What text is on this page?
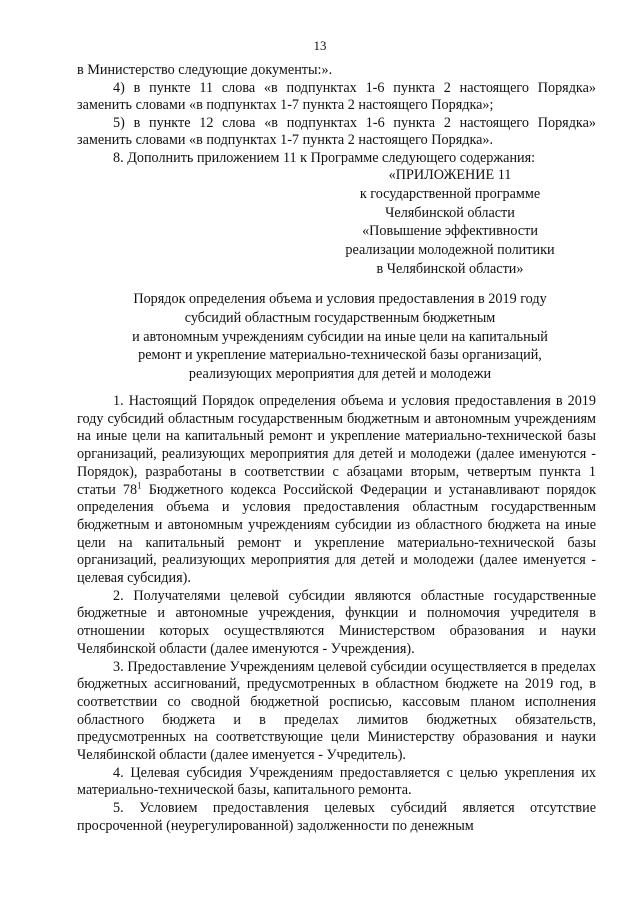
13

в Министерство следующие документы:».

4) в пункте 11 слова «в подпунктах 1-6 пункта 2 настоящего Порядка» заменить словами «в подпунктах 1-7 пункта 2 настоящего Порядка»;

5) в пункте 12 слова «в подпунктах 1-6 пункта 2 настоящего Порядка» заменить словами «в подпунктах 1-7 пункта 2 настоящего Порядка».

8. Дополнить приложением 11 к Программе следующего содержания:

«ПРИЛОЖЕНИЕ 11
к государственной программе
Челябинской области
«Повышение эффективности
реализации молодежной политики
в Челябинской области»
Порядок определения объема и условия предоставления в 2019 году
субсидий областным государственным бюджетным
и автономным учреждениям субсидии на иные цели на капитальный
ремонт и укрепление материально-технической базы организаций,
реализующих мероприятия для детей и молодежи

1. Настоящий Порядок определения объема и условия предоставления в 2019 году субсидий областным государственным бюджетным и автономным учреждениям на иные цели на капитальный ремонт и укрепление материально-технической базы организаций, реализующих мероприятия для детей и молодежи (далее именуются - Порядок), разработаны в соответствии с абзацами вторым, четвертым пункта 1 статьи $78^1$ Бюджетного кодекса Российской Федерации и устанавливают порядок определения объема и условия предоставления областным государственным бюджетным и автономным учреждениям субсидии из областного бюджета на иные цели на капитальный ремонт и укрепление материально-технической базы организаций, реализующих мероприятия для детей и молодежи (далее именуется - целевая субсидия).

2. Получателями целевой субсидии являются областные государственные бюджетные и автономные учреждения, функции и полномочия учредителя в отношении которых осуществляются Министерством образования и науки Челябинской области (далее именуются - Учреждения).

3. Предоставление Учреждениям целевой субсидии осуществляется в пределах бюджетных ассигнований, предусмотренных в областном бюджете на 2019 год, в соответствии со сводной бюджетной росписью, кассовым планом исполнения областного бюджета и в пределах лимитов бюджетных обязательств, предусмотренных на соответствующие цели Министерству образования и науки Челябинской области (далее именуется - Учредитель).

4. Целевая субсидия Учреждениям предоставляется с целью укрепления их материально-технической базы, капитального ремонта.

5. Условием предоставления целевых субсидий является отсутствие просроченной (неурегулированной) задолженности по денежным
